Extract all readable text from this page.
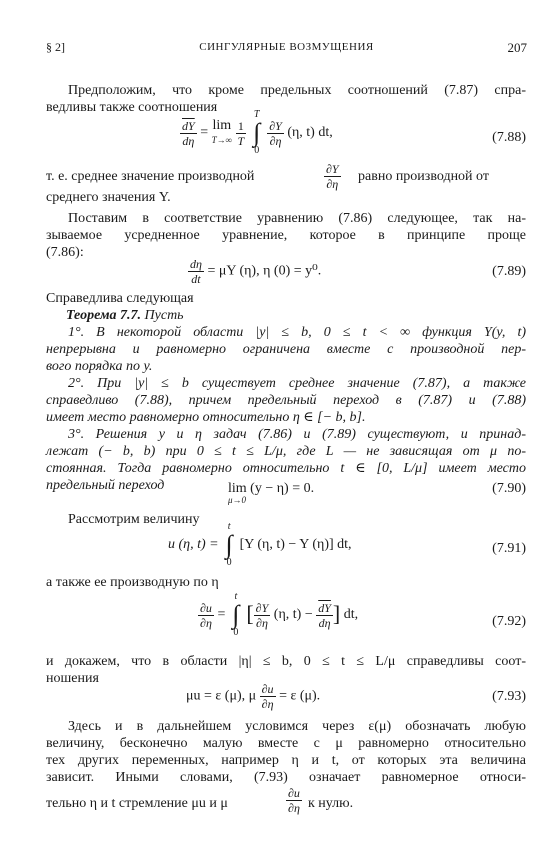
§ 2]	СИНГУЛЯРНЫЕ ВОЗМУЩЕНИЯ	207
Предположим, что кроме предельных соотношений (7.87) спра-
ведливы также соотношения
$\frac{\overline{dY}}{d\eta} = \lim$
T→∞
$\frac{1}{T}$

T
∫
0

$\frac{\partial Y}{\partial\eta} (\eta$, t) dt,	(7.88)
т. е. среднее значение производной	$\frac{\partial Y}{\partial\eta}$ равно производной от
среднего значения Y.
Поставим в соответствие уравнению (7.86) следующее, так на-
зываемое усредненное уравнение, которое в принципе проще
(7.86):
$\frac{d\eta}{dt} = \mu Y$ (η), η (0) = y⁰.	(7.89)
Справедлива следующая
Теорема 7.7. Пусть
1°. В некоторой области |y| ≤ b, 0 ≤ t < ∞ функция Y(y, t)
непрерывна и равномерно ограничена вместе с производной пер-
вого порядка по y.
2°. При |y| ≤ b существует среднее значение (7.87), а также
справедливо (7.88), причем предельный переход в (7.87) и (7.88)
имеет место равномерно относительно η ∈ [− b, b].
3°. Решения y и η задач (7.86) и (7.89) существуют, и принад-
лежат (− b, b) при 0 ≤ t ≤ L/μ, где L — не зависящая от μ по-
стоянная. Тогда равномерно относительно t ∈ [0, L/μ] имеет место
предельный переход	lim (y − η) = 0.
μ→0
(7.90)
Рассмотрим величину
u (η, t) =
t
∫
0
[Y (η, t) − Y (η)] dt,	(7.91)
а также ее производную по η
$\frac{\partial u}{\partial\eta}$ =
t
∫
0
[ $\frac{\partial Y}{\partial\eta} (\eta$, $t) - \frac{\overline{dY}}{d\eta}$ ] dt,	(7.92)
и докажем, что в области |η| ≤ b, 0 ≤ t ≤ L/μ справедливы соот-
ношения
μu = ε (μ), μ $\frac{\partial u}{\partial\eta} = \varepsilon$ (μ).	(7.93)
Здесь и в дальнейшем условимся через ε(μ) обозначать любую
величину, бесконечно малую вместе с μ равномерно относительно
тех других переменных, например η и t, от которых эта величина
зависит. Иными словами, (7.93) означает равномерное относи-
тельно η и t стремление μu и μ	$\frac{\partial u}{\partial\eta}$ к нулю.
